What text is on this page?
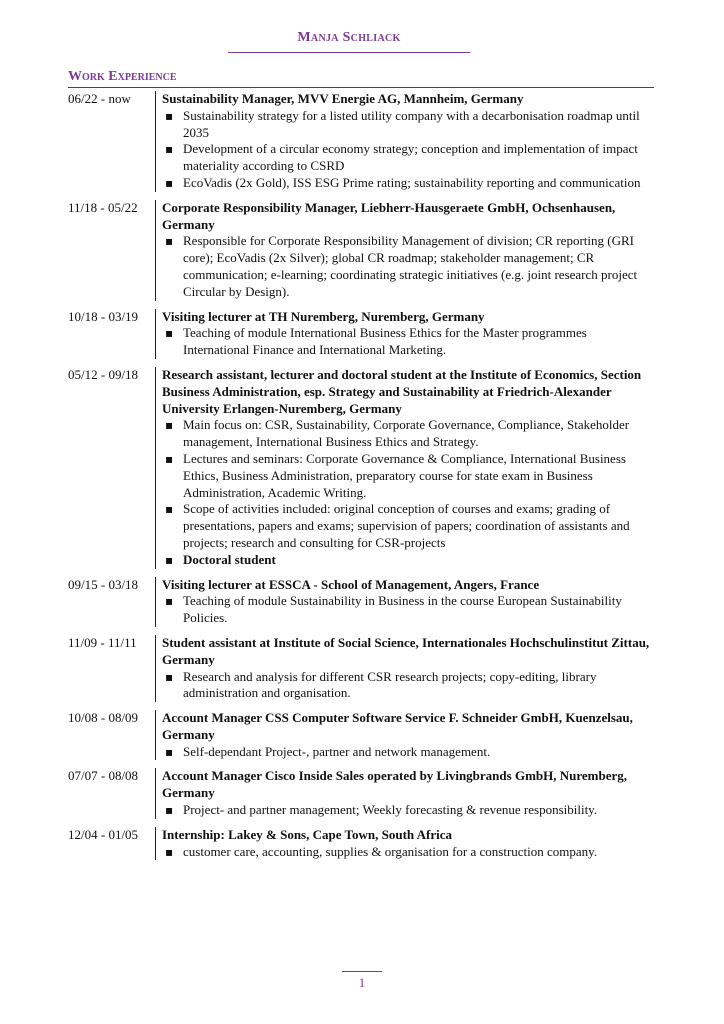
Manja Schliack
Work Experience
06/22 - now	Sustainability Manager, MVV Energie AG, Mannheim, Germany
▪ Sustainability strategy for a listed utility company with a decarbonisation roadmap until 2035
▪ Development of a circular economy strategy; conception and implementation of impact materiality according to CSRD
▪ EcoVadis (2x Gold), ISS ESG Prime rating; sustainability reporting and communication
11/18 - 05/22	Corporate Responsibility Manager, Liebherr-Hausgeraete GmbH, Ochsenhausen, Germany
▪ Responsible for Corporate Responsibility Management of division; CR reporting (GRI core); EcoVadis (2x Silver); global CR roadmap; stakeholder management; CR communication; e-learning; coordinating strategic initiatives (e.g. joint research project Circular by Design).
10/18 - 03/19	Visiting lecturer at TH Nuremberg, Nuremberg, Germany
▪ Teaching of module International Business Ethics for the Master programmes International Finance and International Marketing.
05/12 - 09/18	Research assistant, lecturer and doctoral student at the Institute of Economics, Section Business Administration, esp. Strategy and Sustainability at Friedrich-Alexander University Erlangen-Nuremberg, Germany
▪ Main focus on: CSR, Sustainability, Corporate Governance, Compliance, Stakeholder management, International Business Ethics and Strategy.
▪ Lectures and seminars: Corporate Governance & Compliance, International Business Ethics, Business Administration, preparatory course for state exam in Business Administration, Academic Writing.
▪ Scope of activities included: original conception of courses and exams; grading of presentations, papers and exams; supervision of papers; coordination of assistants and projects; research and consulting for CSR-projects
▪ Doctoral student
09/15 - 03/18	Visiting lecturer at ESSCA - School of Management, Angers, France
▪ Teaching of module Sustainability in Business in the course European Sustainability Policies.
11/09 - 11/11	Student assistant at Institute of Social Science, Internationales Hochschulinstitut Zittau, Germany
▪ Research and analysis for different CSR research projects; copy-editing, library administration and organisation.
10/08 - 08/09	Account Manager CSS Computer Software Service F. Schneider GmbH, Kuenzelsau, Germany
▪ Self-dependant Project-, partner and network management.
07/07 - 08/08	Account Manager Cisco Inside Sales operated by Livingbrands GmbH, Nuremberg, Germany
▪ Project- and partner management; Weekly forecasting & revenue responsibility.
12/04 - 01/05	Internship: Lakey & Sons, Cape Town, South Africa
▪ customer care, accounting, supplies & organisation for a construction company.
1
